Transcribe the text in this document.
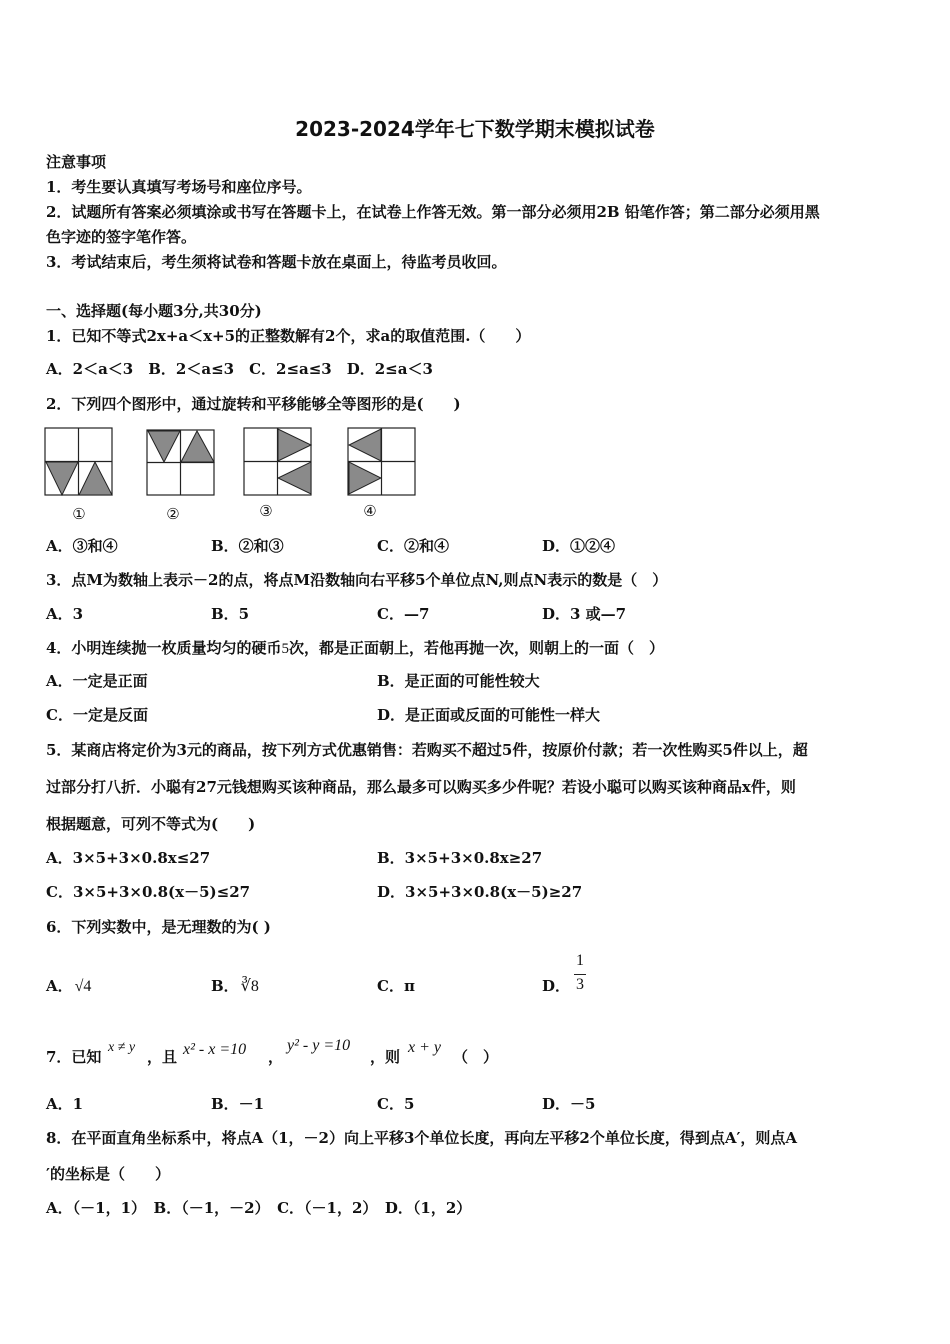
2023-2024学年七下数学期末模拟试卷
注意事项
1．考生要认真填写考场号和座位序号。
2．试题所有答案必须填涂或书写在答题卡上，在试卷上作答无效。第一部分必须用2B 铅笔作答；第二部分必须用黑
色字迹的签字笔作答。
3．考试结束后，考生须将试卷和答题卡放在桌面上，待监考员收回。
一、选择题(每小题3分,共30分)
1．已知不等式2x+a＜x+5的正整数解有2个，求a的取值范围.（　　）
A．2＜a＜3　B．2＜a≤3　C．2≤a≤3　D．2≤a＜3
2．下列四个图形中，通过旋转和平移能够全等图形的是(　　)
①	②	③	④
A．③和④	B．②和③	C．②和④	D．①②④
3．点M为数轴上表示－2的点，将点M沿数轴向右平移5个单位点N,则点N表示的数是（　）
A．3	B．5	C．—7	D．3 或—7
4．小明连续抛一枚质量均匀的硬币5次，都是正面朝上，若他再抛一次，则朝上的一面（　）
A．一定是正面	B．是正面的可能性较大
C．一定是反面	D．是正面或反面的可能性一样大
5．某商店将定价为3元的商品，按下列方式优惠销售：若购买不超过5件，按原价付款；若一次性购买5件以上，超
过部分打八折．小聪有27元钱想购买该种商品，那么最多可以购买多少件呢？若设小聪可以购买该种商品x件，则
根据题意，可列不等式为(　　)
A．3×5+3×0.8x≤27	B．3×5+3×0.8x≥27
C．3×5+3×0.8(x－5)≤27	D．3×5+3×0.8(x－5)≥27
6．下列实数中，是无理数的为( )
A． √4	B． ∛8	C．π	D．
1
3
7．已知
x ≠ y
，且 x² - x =10 ，
y² - y =10
，则
x + y
（　）
A．1	B．－1	C．5	D．－5
8．在平面直角坐标系中，将点A（1，－2）向上平移3个单位长度，再向左平移2个单位长度，得到点A′，则点A
′的坐标是（　　）
A．（－1，1）　B．（－1，－2）　C．（－1，2）　D．（1，2）
